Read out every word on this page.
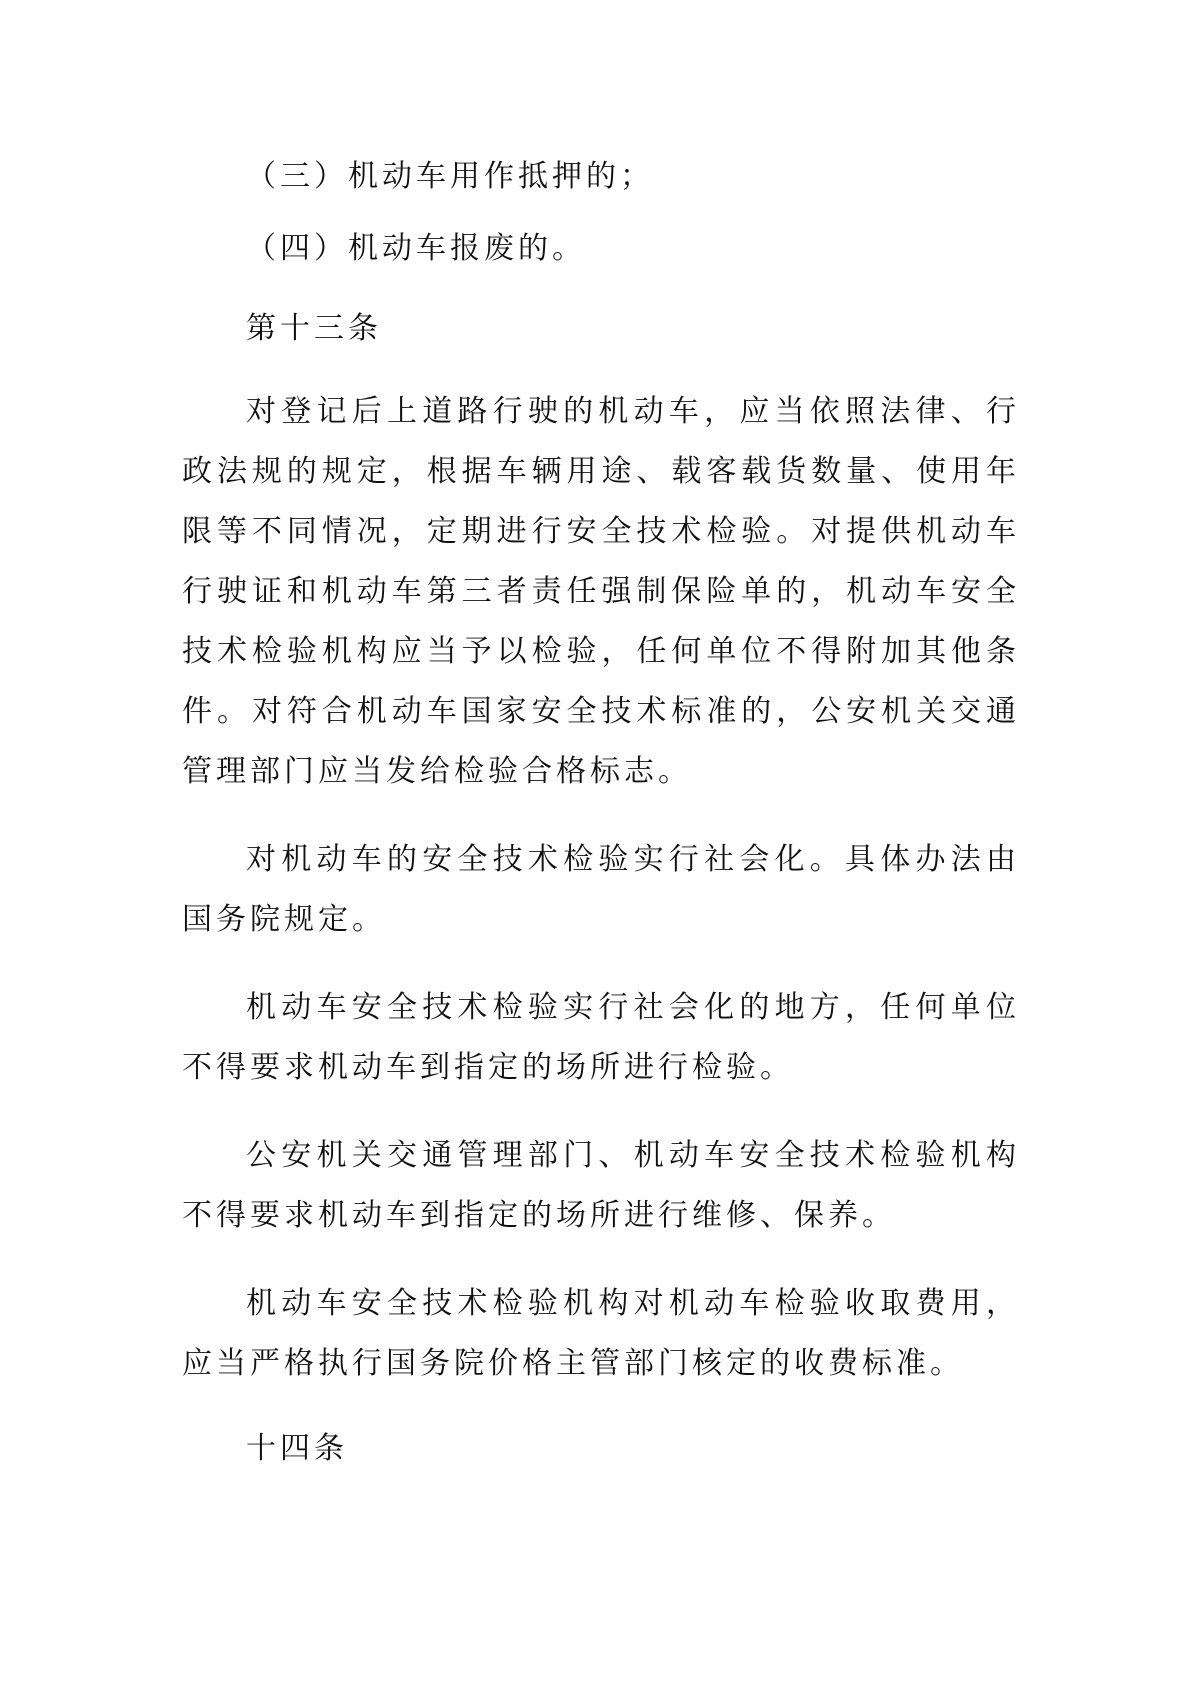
（三）机动车用作抵押的；

（四）机动车报废的。

第十三条

对登记后上道路行驶的机动车，应当依照法律、行政法规的规定，根据车辆用途、载客载货数量、使用年限等不同情况，定期进行安全技术检验。对提供机动车行驶证和机动车第三者责任强制保险单的，机动车安全技术检验机构应当予以检验，任何单位不得附加其他条件。对符合机动车国家安全技术标准的，公安机关交通管理部门应当发给检验合格标志。

对机动车的安全技术检验实行社会化。具体办法由国务院规定。

机动车安全技术检验实行社会化的地方，任何单位不得要求机动车到指定的场所进行检验。

公安机关交通管理部门、机动车安全技术检验机构不得要求机动车到指定的场所进行维修、保养。

机动车安全技术检验机构对机动车检验收取费用，应当严格执行国务院价格主管部门核定的收费标准。

十四条
